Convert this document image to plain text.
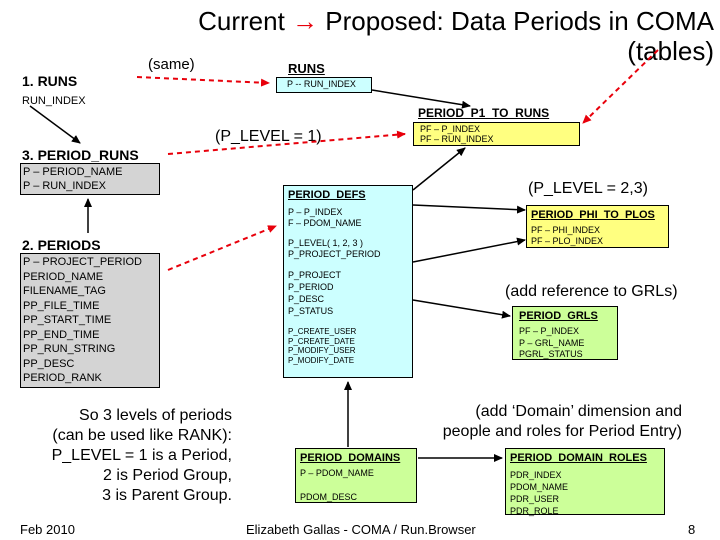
Current → Proposed: Data Periods in COMA
(tables)
1. RUNS
RUN_INDEX
3. PERIOD_RUNS
P – PERIOD_NAME
P – RUN_INDEX
2. PERIODS
P – PROJECT_PERIOD
PERIOD_NAME
FILENAME_TAG
PP_FILE_TIME
PP_START_TIME
PP_END_TIME
PP_RUN_STRING
PP_DESC
PERIOD_RANK
So 3 levels of periods
(can be used like RANK):
P_LEVEL = 1 is a Period,
2 is Period Group,
3 is Parent Group.
(same)
(P_LEVEL = 1)
(P_LEVEL = 2,3)
(add reference to GRLs)
(add ‘Domain’ dimension and
people and roles for Period Entry)
RUNS
P -- RUN_INDEX
PERIOD_P1_TO_RUNS
PF – P_INDEX
PF – RUN_INDEX
PERIOD_DEFS
P – P_INDEX
F – PDOM_NAME
P_LEVEL( 1, 2, 3 )
P_PROJECT_PERIOD
P_PROJECT
P_PERIOD
P_DESC
P_STATUS
P_CREATE_USER
P_CREATE_DATE
P_MODIFY_USER
P_MODIFY_DATE
PERIOD_PHI_TO_PLOS
PF – PHI_INDEX
PF – PLO_INDEX
PERIOD_GRLS
PF – P_INDEX
P – GRL_NAME
PGRL_STATUS
PERIOD_DOMAINS
P – PDOM_NAME
PDOM_DESC
PERIOD_DOMAIN_ROLES
PDR_INDEX
PDOM_NAME
PDR_USER
PDR_ROLE
Feb 2010	Elizabeth Gallas - COMA / Run.Browser	8
